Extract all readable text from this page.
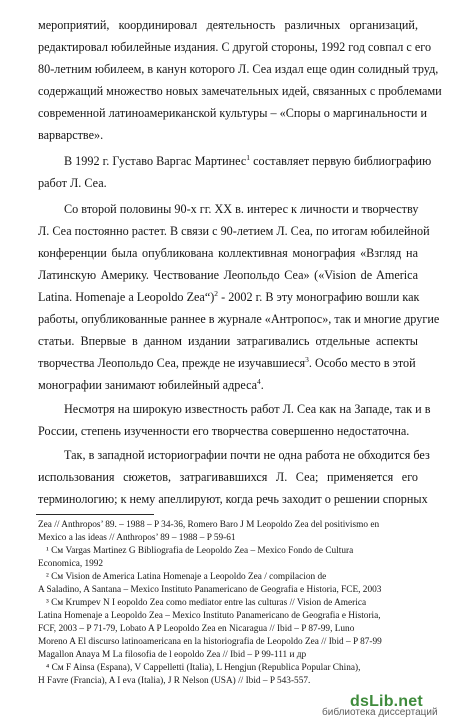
мероприятий, координировал деятельность различных организаций,
редактировал юбилейные издания. С другой стороны, 1992 год совпал с его
80-летним юбилеем, в канун которого Л. Сеа издал еще один солидный труд,
содержащий множество новых замечательных идей, связанных с проблемами
современной латиноамериканской культуры – «Споры о маргинальности и
варварстве».
В 1992 г. Густаво Варгас Мартинес$^1$ составляет первую библиографию
работ Л. Сеа.
Со второй половины 90-х гг. XX в. интерес к личности и творчеству
Л. Сеа постоянно растет. В связи с 90-летием Л. Сеа, по итогам юбилейной
конференции была опубликована коллективная монография «Взгляд на
Латинскую Америку. Чествование Леопольдо Сеа» («Vision de America
Latina. Homenaje a Leopoldo Zea“)$^2$ - 2002 г. В эту монографию вошли как
работы, опубликованные раннее в журнале «Антропос», так и многие другие
статьи. Впервые в данном издании затрагивались отдельные аспекты
творчества Леопольдо Сеа, прежде не изучавшиеся$^3$. Особо место в этой
монографии занимают юбилейный адреса$^4$.
Несмотря на широкую известность работ Л. Сеа как на Западе, так и в
России, степень изученности его творчества совершенно недостаточна.
Так, в западной историографии почти не одна работа не обходится без
использования сюжетов, затрагивавшихся Л. Сеа; применяется его
терминологию; к нему апеллируют, когда речь заходит о решении спорных
Zea // Anthropos’ 89. – 1988 – P 34-36, Romero Baro J M Leopoldo Zea del positivismo en
Mexico a las ideas // Anthropos’ 89 – 1988 – P 59-61
¹ См Vargas Martinez G Bibliografia de Leopoldo Zea – Mexico Fondo de Cultura
Economica, 1992
² См Vision de America Latina Homenaje a Leopoldo Zea / compilacion de
A Saladino, A Santana – Mexico Instituto Panamericano de Geografia e Historia, FCE, 2003
³ См Krumpev N I eopoldo Zea como mediator entre las culturas // Vision de America
Latina Homenaje a Leopoldo Zea – Mexico Instituto Panamericano de Geografia e Historia,
FCF, 2003 – P 71-79, Lobato A P Leopoldo Zea en Nicaragua // Ibid – P 87-99, Luno
Moreno A El discurso latinoamericana en la historiografia de Leopoldo Zea // Ibid – P 87-99
Magallon Anaya M La filosofia de l eopoldo Zea // Ibid – P 99-111 и др
⁴ См F Ainsa (Espana), V Cappelletti (Italia), L Hengjun (Republica Popular China),
H Favre (Francia), A I eva (Italia), J R Nelson (USA) // Ibid – P 543-557.
dsLib.net
библиотека диссертаций
